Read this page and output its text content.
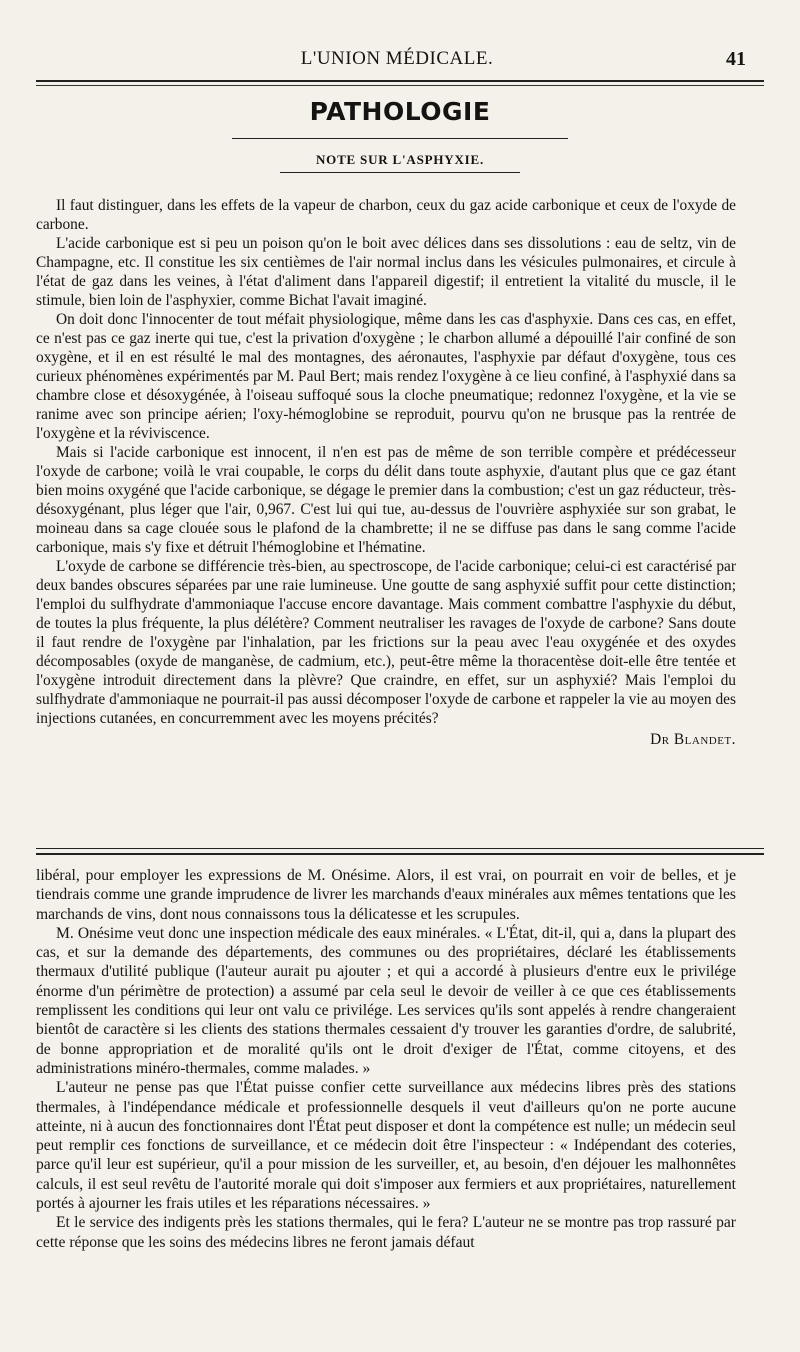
L'UNION MÉDICALE.	41
PATHOLOGIE
NOTE SUR L'ASPHYXIE.

Il faut distinguer, dans les effets de la vapeur de charbon, ceux du gaz acide carbonique et ceux de l'oxyde de carbone.

L'acide carbonique est si peu un poison qu'on le boit avec délices dans ses dissolutions : eau de seltz, vin de Champagne, etc. Il constitue les six centièmes de l'air normal inclus dans les vésicules pulmonaires, et circule à l'état de gaz dans les veines, à l'état d'aliment dans l'appareil digestif; il entretient la vitalité du muscle, il le stimule, bien loin de l'asphyxier, comme Bichat l'avait imaginé.

On doit donc l'innocenter de tout méfait physiologique, même dans les cas d'asphyxie. Dans ces cas, en effet, ce n'est pas ce gaz inerte qui tue, c'est la privation d'oxygène ; le charbon allumé a dépouillé l'air confiné de son oxygène, et il en est résulté le mal des montagnes, des aéronautes, l'asphyxie par défaut d'oxygène, tous ces curieux phénomènes expérimentés par M. Paul Bert; mais rendez l'oxygène à ce lieu confiné, à l'asphyxié dans sa chambre close et désoxygénée, à l'oiseau suffoqué sous la cloche pneumatique; redonnez l'oxygène, et la vie se ranime avec son principe aérien; l'oxy-hémoglobine se reproduit, pourvu qu'on ne brusque pas la rentrée de l'oxygène et la réviviscence.

Mais si l'acide carbonique est innocent, il n'en est pas de même de son terrible compère et prédécesseur l'oxyde de carbone; voilà le vrai coupable, le corps du délit dans toute asphyxie, d'autant plus que ce gaz étant bien moins oxygéné que l'acide carbonique, se dégage le premier dans la combustion; c'est un gaz réducteur, très-désoxygénant, plus léger que l'air, 0,967. C'est lui qui tue, au-dessus de l'ouvrière asphyxiée sur son grabat, le moineau dans sa cage clouée sous le plafond de la chambrette; il ne se diffuse pas dans le sang comme l'acide carbonique, mais s'y fixe et détruit l'hémoglobine et l'hématine.

L'oxyde de carbone se différencie très-bien, au spectroscope, de l'acide carbonique; celui-ci est caractérisé par deux bandes obscures séparées par une raie lumineuse. Une goutte de sang asphyxié suffit pour cette distinction; l'emploi du sulfhydrate d'ammoniaque l'accuse encore davantage. Mais comment combattre l'asphyxie du début, de toutes la plus fréquente, la plus délétère? Comment neutraliser les ravages de l'oxyde de carbone? Sans doute il faut rendre de l'oxygène par l'inhalation, par les frictions sur la peau avec l'eau oxygénée et des oxydes décomposables (oxyde de manganèse, de cadmium, etc.), peut-être même la thoracentèse doit-elle être tentée et l'oxygène introduit directement dans la plèvre? Que craindre, en effet, sur un asphyxié? Mais l'emploi du sulfhydrate d'ammoniaque ne pourrait-il pas aussi décomposer l'oxyde de carbone et rappeler la vie au moyen des injections cutanées, en concurremment avec les moyens précités?

Dr Blandet.

libéral, pour employer les expressions de M. Onésime. Alors, il est vrai, on pourrait en voir de belles, et je tiendrais comme une grande imprudence de livrer les marchands d'eaux minérales aux mêmes tentations que les marchands de vins, dont nous connaissons tous la délicatesse et les scrupules.

M. Onésime veut donc une inspection médicale des eaux minérales. « L'État, dit-il, qui a, dans la plupart des cas, et sur la demande des départements, des communes ou des propriétaires, déclaré les établissements thermaux d'utilité publique (l'auteur aurait pu ajouter ; et qui a accordé à plusieurs d'entre eux le privilége énorme d'un périmètre de protection) a assumé par cela seul le devoir de veiller à ce que ces établissements remplissent les conditions qui leur ont valu ce privilége. Les services qu'ils sont appelés à rendre changeraient bientôt de caractère si les clients des stations thermales cessaient d'y trouver les garanties d'ordre, de salubrité, de bonne appropriation et de moralité qu'ils ont le droit d'exiger de l'État, comme citoyens, et des administrations minéro-thermales, comme malades. »

L'auteur ne pense pas que l'État puisse confier cette surveillance aux médecins libres près des stations thermales, à l'indépendance médicale et professionnelle desquels il veut d'ailleurs qu'on ne porte aucune atteinte, ni à aucun des fonctionnaires dont l'État peut disposer et dont la compétence est nulle; un médecin seul peut remplir ces fonctions de surveillance, et ce médecin doit être l'inspecteur : « Indépendant des coteries, parce qu'il leur est supérieur, qu'il a pour mission de les surveiller, et, au besoin, d'en déjouer les malhonnêtes calculs, il est seul revêtu de l'autorité morale qui doit s'imposer aux fermiers et aux propriétaires, naturellement portés à ajourner les frais utiles et les réparations nécessaires. »

Et le service des indigents près les stations thermales, qui le fera? L'auteur ne se montre pas trop rassuré par cette réponse que les soins des médecins libres ne feront jamais défaut
